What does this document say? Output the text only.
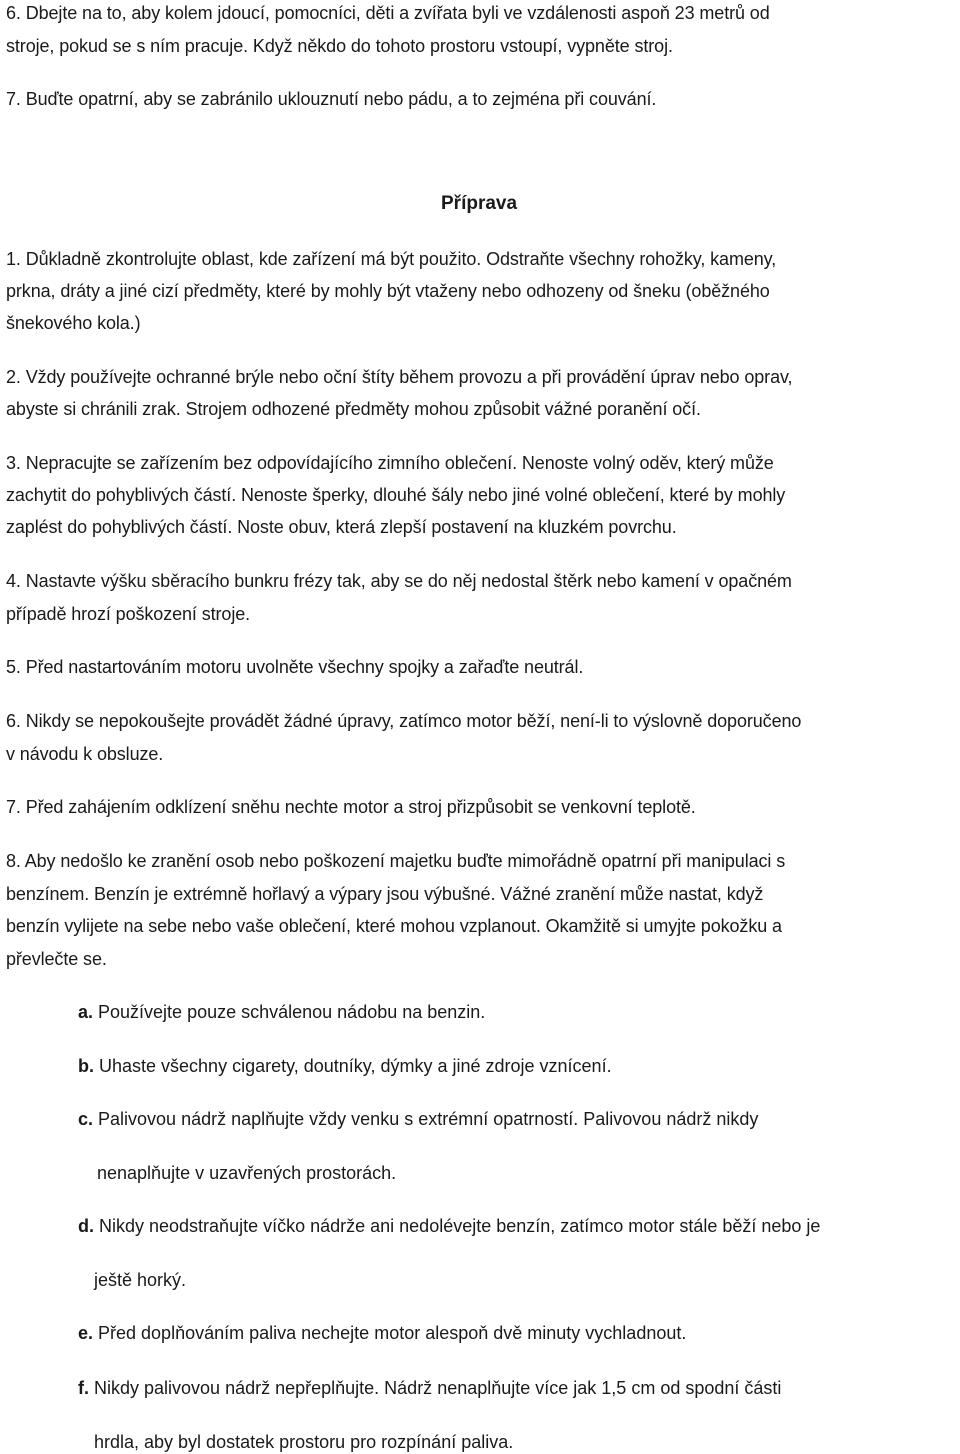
6. Dbejte na to, aby kolem jdoucí, pomocníci, děti a zvířata byli ve vzdálenosti aspoň 23 metrů od
stroje, pokud se s ním pracuje. Když někdo do tohoto prostoru vstoupí, vypněte stroj.
7. Buďte opatrní, aby se zabránilo uklouznutí nebo pádu, a to zejména při couvání.
Příprava
1. Důkladně zkontrolujte oblast, kde zařízení má být použito. Odstraňte všechny rohožky, kameny,
prkna, dráty a jiné cizí předměty, které by mohly být vtaženy nebo odhozeny od šneku (oběžného
šnekového kola.)
2. Vždy používejte ochranné brýle nebo oční štíty během provozu a při provádění úprav nebo oprav,
abyste si chránili zrak. Strojem odhozené předměty mohou způsobit vážné poranění očí.
3. Nepracujte se zařízením bez odpovídajícího zimního oblečení. Nenoste volný oděv, který může
zachytit do pohyblivých částí. Nenoste šperky, dlouhé šály nebo jiné volné oblečení, které by mohly
zaplést do pohyblivých částí. Noste obuv, která zlepší postavení na kluzkém povrchu.
4. Nastavte výšku sběracího bunkru frézy tak, aby se do něj nedostal štěrk nebo kamení v opačném
případě hrozí poškození stroje.
5. Před nastartováním motoru uvolněte všechny spojky a zařaďte neutrál.
6. Nikdy se nepokoušejte provádět žádné úpravy, zatímco motor běží, není-li to výslovně doporučeno
v návodu k obsluze.
7. Před zahájením odklízení sněhu nechte motor a stroj přizpůsobit se venkovní teplotě.
8. Aby nedošlo ke zranění osob nebo poškození majetku buďte mimořádně opatrní při manipulaci s
benzínem. Benzín je extrémně hořlavý a výpary jsou výbušné. Vážné zranění může nastat, když
benzín vylijete na sebe nebo vaše oblečení, které mohou vzplanout. Okamžitě si umyjte pokožku a
převlečte se.
a. Používejte pouze schválenou nádobu na benzin.
b. Uhaste všechny cigarety, doutníky, dýmky a jiné zdroje vznícení.
c. Palivovou nádrž naplňujte vždy venku s extrémní opatrností. Palivovou nádrž nikdy
nenaplňujte v uzavřených prostorách.
d. Nikdy neodstraňujte víčko nádrže ani nedolévejte benzín, zatímco motor stále běží nebo je
ještě horký.
e. Před doplňováním paliva nechejte motor alespoň dvě minuty vychladnout.
f. Nikdy palivovou nádrž nepřeplňujte. Nádrž nenaplňujte více jak 1,5 cm od spodní části
hrdla, aby byl dostatek prostoru pro rozpínání paliva.
